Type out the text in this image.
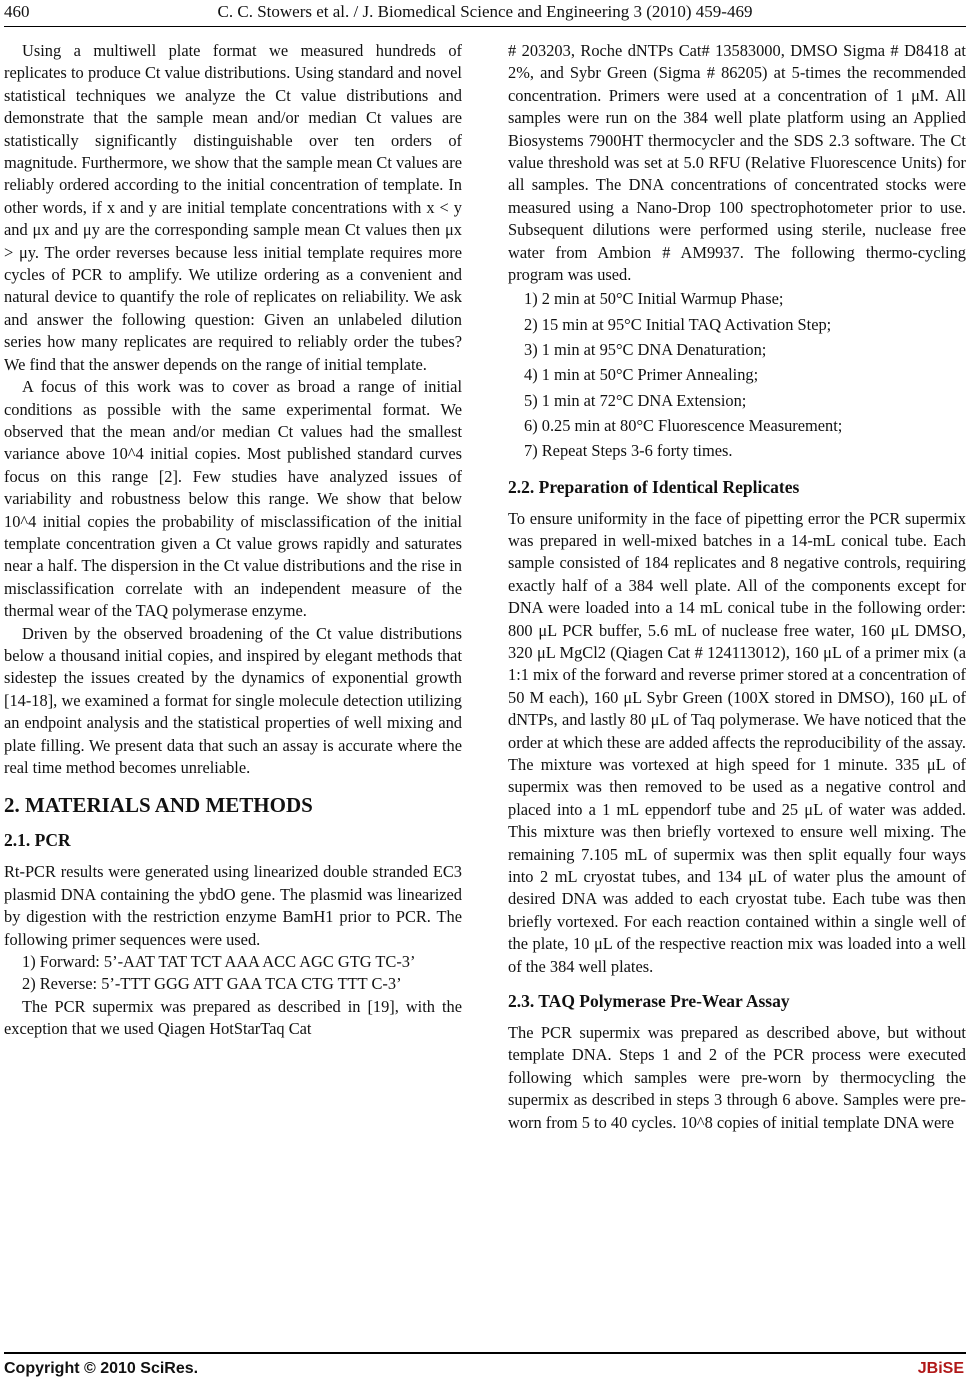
460	C. C. Stowers et al. / J. Biomedical Science and Engineering 3 (2010) 459-469

Using a multiwell plate format we measured hundreds of replicates to produce Ct value distributions. Using standard and novel statistical techniques we analyze the Ct value distributions and demonstrate that the sample mean and/or median Ct values are statistically significantly distinguishable over ten orders of magnitude. Furthermore, we show that the sample mean Ct values are reliably ordered according to the initial concentration of template. In other words, if x and y are initial template concentrations with x < y and μx and μy are the corresponding sample mean Ct values then μx > μy. The order reverses because less initial template requires more cycles of PCR to amplify. We utilize ordering as a convenient and natural device to quantify the role of replicates on reliability. We ask and answer the following question: Given an unlabeled dilution series how many replicates are required to reliably order the tubes? We find that the answer depends on the range of initial template.

A focus of this work was to cover as broad a range of initial conditions as possible with the same experimental format. We observed that the mean and/or median Ct values had the smallest variance above 10^4 initial copies. Most published standard curves focus on this range [2]. Few studies have analyzed issues of variability and robustness below this range. We show that below 10^4 initial copies the probability of misclassification of the initial template concentration given a Ct value grows rapidly and saturates near a half. The dispersion in the Ct value distributions and the rise in misclassification correlate with an independent measure of the thermal wear of the TAQ polymerase enzyme.

Driven by the observed broadening of the Ct value distributions below a thousand initial copies, and inspired by elegant methods that sidestep the issues created by the dynamics of exponential growth [14-18], we examined a format for single molecule detection utilizing an endpoint analysis and the statistical properties of well mixing and plate filling. We present data that such an assay is accurate where the real time method becomes unreliable.

2. MATERIALS AND METHODS
2.1. PCR

Rt-PCR results were generated using linearized double stranded EC3 plasmid DNA containing the ybdO gene. The plasmid was linearized by digestion with the restriction enzyme BamH1 prior to PCR. The following primer sequences were used.

1) Forward: 5’-AAT TAT TCT AAA ACC AGC GTG TC-3’

2) Reverse: 5’-TTT GGG ATT GAA TCA CTG TTT C-3’

The PCR supermix was prepared as described in [19], with the exception that we used Qiagen HotStarTaq Cat

# 203203, Roche dNTPs Cat# 13583000, DMSO Sigma # D8418 at 2%, and Sybr Green (Sigma # 86205) at 5-times the recommended concentration. Primers were used at a concentration of 1 μM. All samples were run on the 384 well plate platform using an Applied Biosystems 7900HT thermocycler and the SDS 2.3 software. The Ct value threshold was set at 5.0 RFU (Relative Fluorescence Units) for all samples. The DNA concentrations of concentrated stocks were measured using a Nano-Drop 100 spectrophotometer prior to use. Subsequent dilutions were performed using sterile, nuclease free water from Ambion # AM9937. The following thermo-cycling program was used.

1) 2 min at 50°C Initial Warmup Phase;
2) 15 min at 95°C Initial TAQ Activation Step;
3) 1 min at 95°C DNA Denaturation;
4) 1 min at 50°C Primer Annealing;
5) 1 min at 72°C DNA Extension;
6) 0.25 min at 80°C Fluorescence Measurement;
7) Repeat Steps 3-6 forty times.
2.2. Preparation of Identical Replicates

To ensure uniformity in the face of pipetting error the PCR supermix was prepared in well-mixed batches in a 14-mL conical tube. Each sample consisted of 184 replicates and 8 negative controls, requiring exactly half of a 384 well plate. All of the components except for DNA were loaded into a 14 mL conical tube in the following order: 800 μL PCR buffer, 5.6 mL of nuclease free water, 160 μL DMSO, 320 μL MgCl2 (Qiagen Cat # 124113012), 160 μL of a primer mix (a 1:1 mix of the forward and reverse primer stored at a concentration of 50 M each), 160 μL Sybr Green (100X stored in DMSO), 160 μL of dNTPs, and lastly 80 μL of Taq polymerase. We have noticed that the order at which these are added affects the reproducibility of the assay. The mixture was vortexed at high speed for 1 minute. 335 μL of supermix was then removed to be used as a negative control and placed into a 1 mL eppendorf tube and 25 μL of water was added. This mixture was then briefly vortexed to ensure well mixing. The remaining 7.105 mL of supermix was then split equally four ways into 2 mL cryostat tubes, and 134 μL of water plus the amount of desired DNA was added to each cryostat tube. Each tube was then briefly vortexed. For each reaction contained within a single well of the plate, 10 μL of the respective reaction mix was loaded into a well of the 384 well plates.

2.3. TAQ Polymerase Pre-Wear Assay

The PCR supermix was prepared as described above, but without template DNA. Steps 1 and 2 of the PCR process were executed following which samples were pre-worn by thermocycling the supermix as described in steps 3 through 6 above. Samples were pre-worn from 5 to 40 cycles. 10^8 copies of initial template DNA were

Copyright © 2010 SciRes.	JBiSE
